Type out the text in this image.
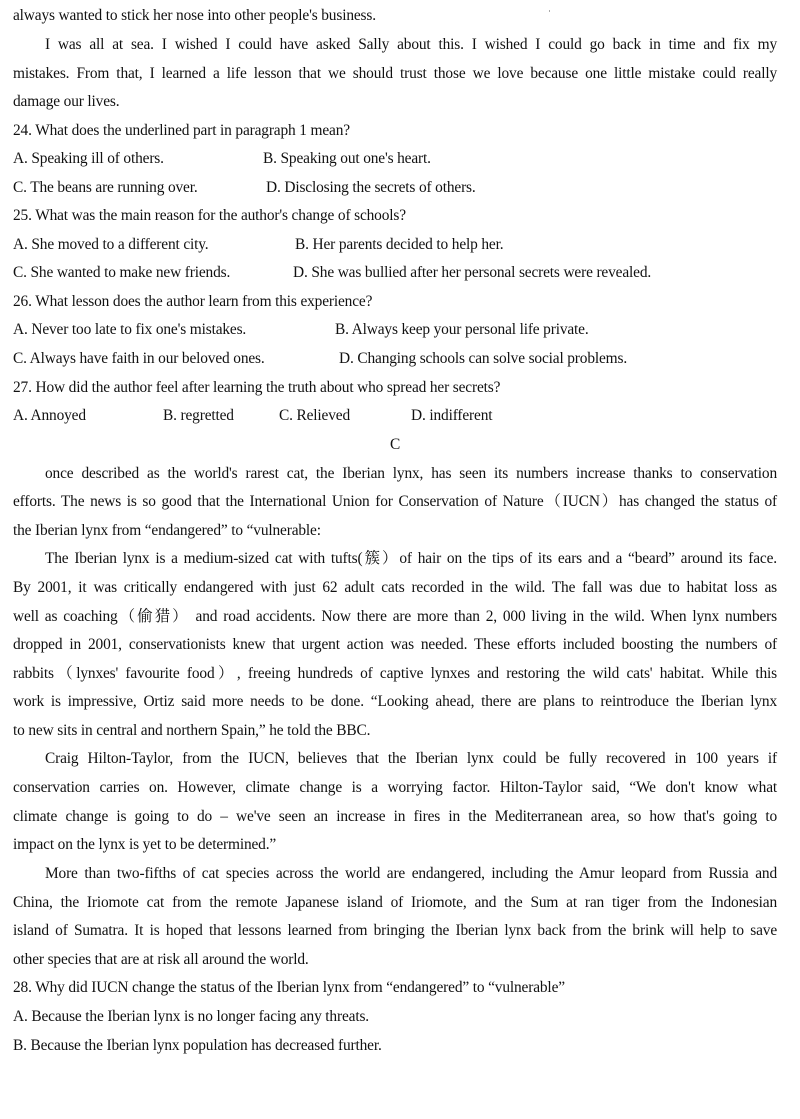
always wanted to stick her nose into other people's business.
I was all at sea. I wished I could have asked Sally about this. I wished I could go back in time and fix my
mistakes. From that, I learned a life lesson that we should trust those we love because one little mistake could really
damage our lives.
24. What does the underlined part in paragraph 1 mean?
A. Speaking ill of others.	B. Speaking out one's heart.
C. The beans are running over.	D. Disclosing the secrets of others.
25. What was the main reason for the author's change of schools?
A. She moved to a different city.	B. Her parents decided to help her.
C. She wanted to make new friends.	D. She was bullied after her personal secrets were revealed.
26. What lesson does the author learn from this experience?
A. Never too late to fix one's mistakes.	B. Always keep your personal life private.
C. Always have faith in our beloved ones.	D. Changing schools can solve social problems.
27. How did the author feel after learning the truth about who spread her secrets?
A. Annoyed	B. regretted	C. Relieved	D. indifferent
C
once described as the world's rarest cat, the Iberian lynx, has seen its numbers increase thanks to conservation
efforts. The news is so good that the International Union for Conservation of Nature（IUCN）has changed the status of
the Iberian lynx from “endangered” to “vulnerable:
The Iberian lynx is a medium-sized cat with tufts(簇）of hair on the tips of its ears and a “beard” around its face.
By 2001, it was critically endangered with just 62 adult cats recorded in the wild. The fall was due to habitat loss as
well as coaching（偷猎） and road accidents. Now there are more than 2, 000 living in the wild. When lynx numbers
dropped in 2001, conservationists knew that urgent action was needed. These efforts included boosting the numbers of
rabbits（lynxes' favourite food）, freeing hundreds of captive lynxes and restoring the wild cats' habitat. While this
work is impressive, Ortiz said more needs to be done. “Looking ahead, there are plans to reintroduce the Iberian lynx
to new sits in central and northern Spain,” he told the BBC.
Craig Hilton-Taylor, from the IUCN, believes that the Iberian lynx could be fully recovered in 100 years if
conservation carries on. However, climate change is a worrying factor. Hilton-Taylor said, “We don't know what
climate change is going to do – we've seen an increase in fires in the Mediterranean area, so how that's going to
impact on the lynx is yet to be determined.”
More than two-fifths of cat species across the world are endangered, including the Amur leopard from Russia and
China, the Iriomote cat from the remote Japanese island of Iriomote, and the Sum at ran tiger from the Indonesian
island of Sumatra. It is hoped that lessons learned from bringing the Iberian lynx back from the brink will help to save
other species that are at risk all around the world.
28. Why did IUCN change the status of the Iberian lynx from “endangered” to “vulnerable”
A. Because the Iberian lynx is no longer facing any threats.
B. Because the Iberian lynx population has decreased further.
